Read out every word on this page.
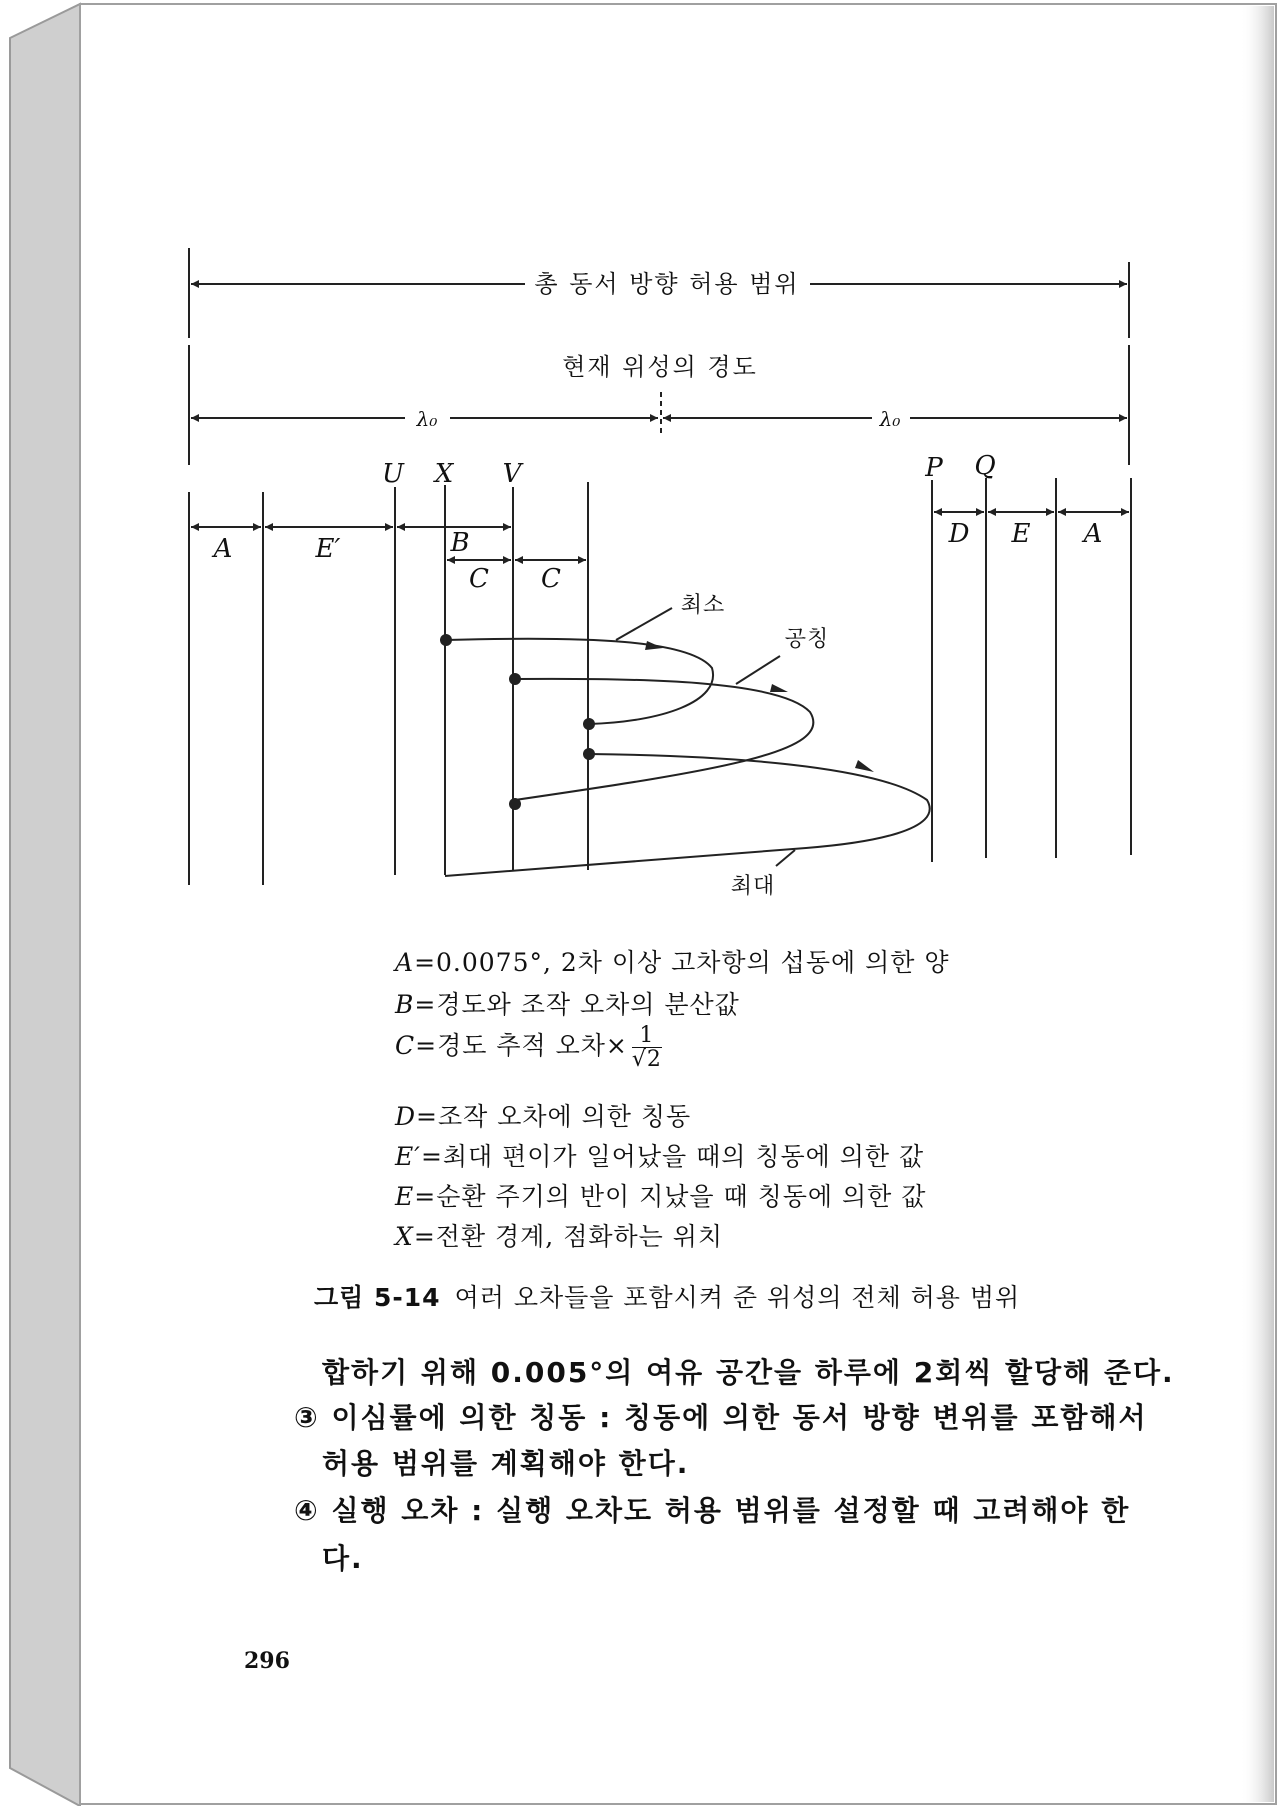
총 동서 방향 허용 범위
현재 위성의 경도
λ₀	λ₀
U X V	P Q
A	E′	B
C C
D E A
최소
공칭
최대
A=0.0075°, 2차 이상 고차항의 섭동에 의한 양
B=경도와 조작 오차의 분산값
C=경도 추적 오차× $\frac{1}{√2}$
D=조작 오차에 의한 칭동
E′=최대 편이가 일어났을 때의 칭동에 의한 값
E=순환 주기의 반이 지났을 때 칭동에 의한 값
X=전환 경계, 점화하는 위치
그림 5-14 여러 오차들을 포함시켜 준 위성의 전체 허용 범위
합하기 위해 0.005°의 여유 공간을 하루에 2회씩 할당해 준다.
③ 이심률에 의한 칭동 : 칭동에 의한 동서 방향 변위를 포함해서
허용 범위를 계획해야 한다.
④ 실행 오차 : 실행 오차도 허용 범위를 설정할 때 고려해야 한
다.
296
